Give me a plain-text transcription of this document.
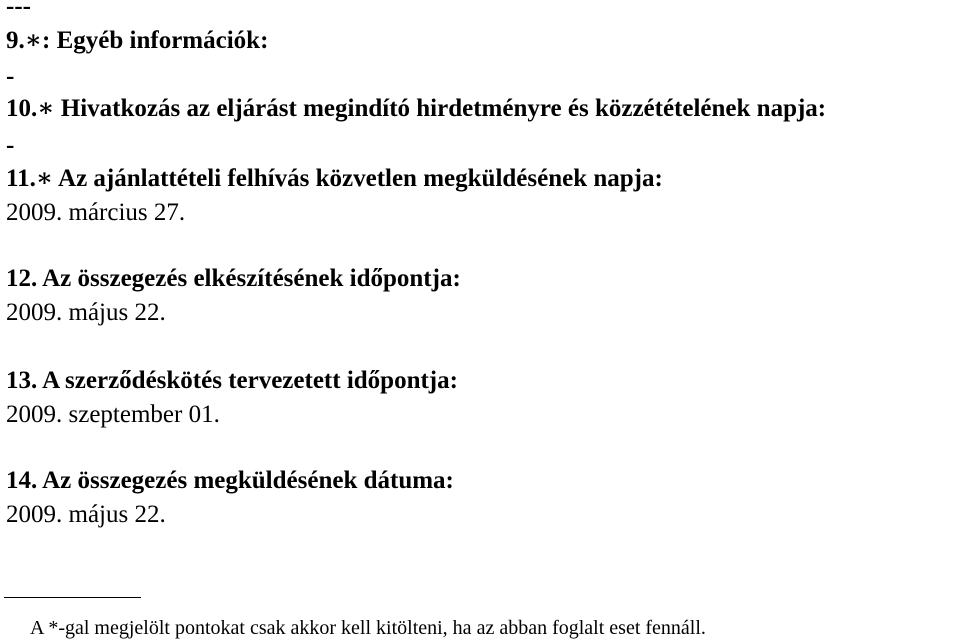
---
9.∗: Egyéb információk:
-
10.∗ Hivatkozás az eljárást megindító hirdetményre és közzétételének napja:
-
11.∗ Az ajánlattételi felhívás közvetlen megküldésének napja:
2009. március 27.
12. Az összegezés elkészítésének időpontja:
2009. május 22.
13. A szerződéskötés tervezetett időpontja:
2009. szeptember 01.
14. Az összegezés megküldésének dátuma:
2009. május 22.
A *-gal megjelölt pontokat csak akkor kell kitölteni, ha az abban foglalt eset fennáll.
